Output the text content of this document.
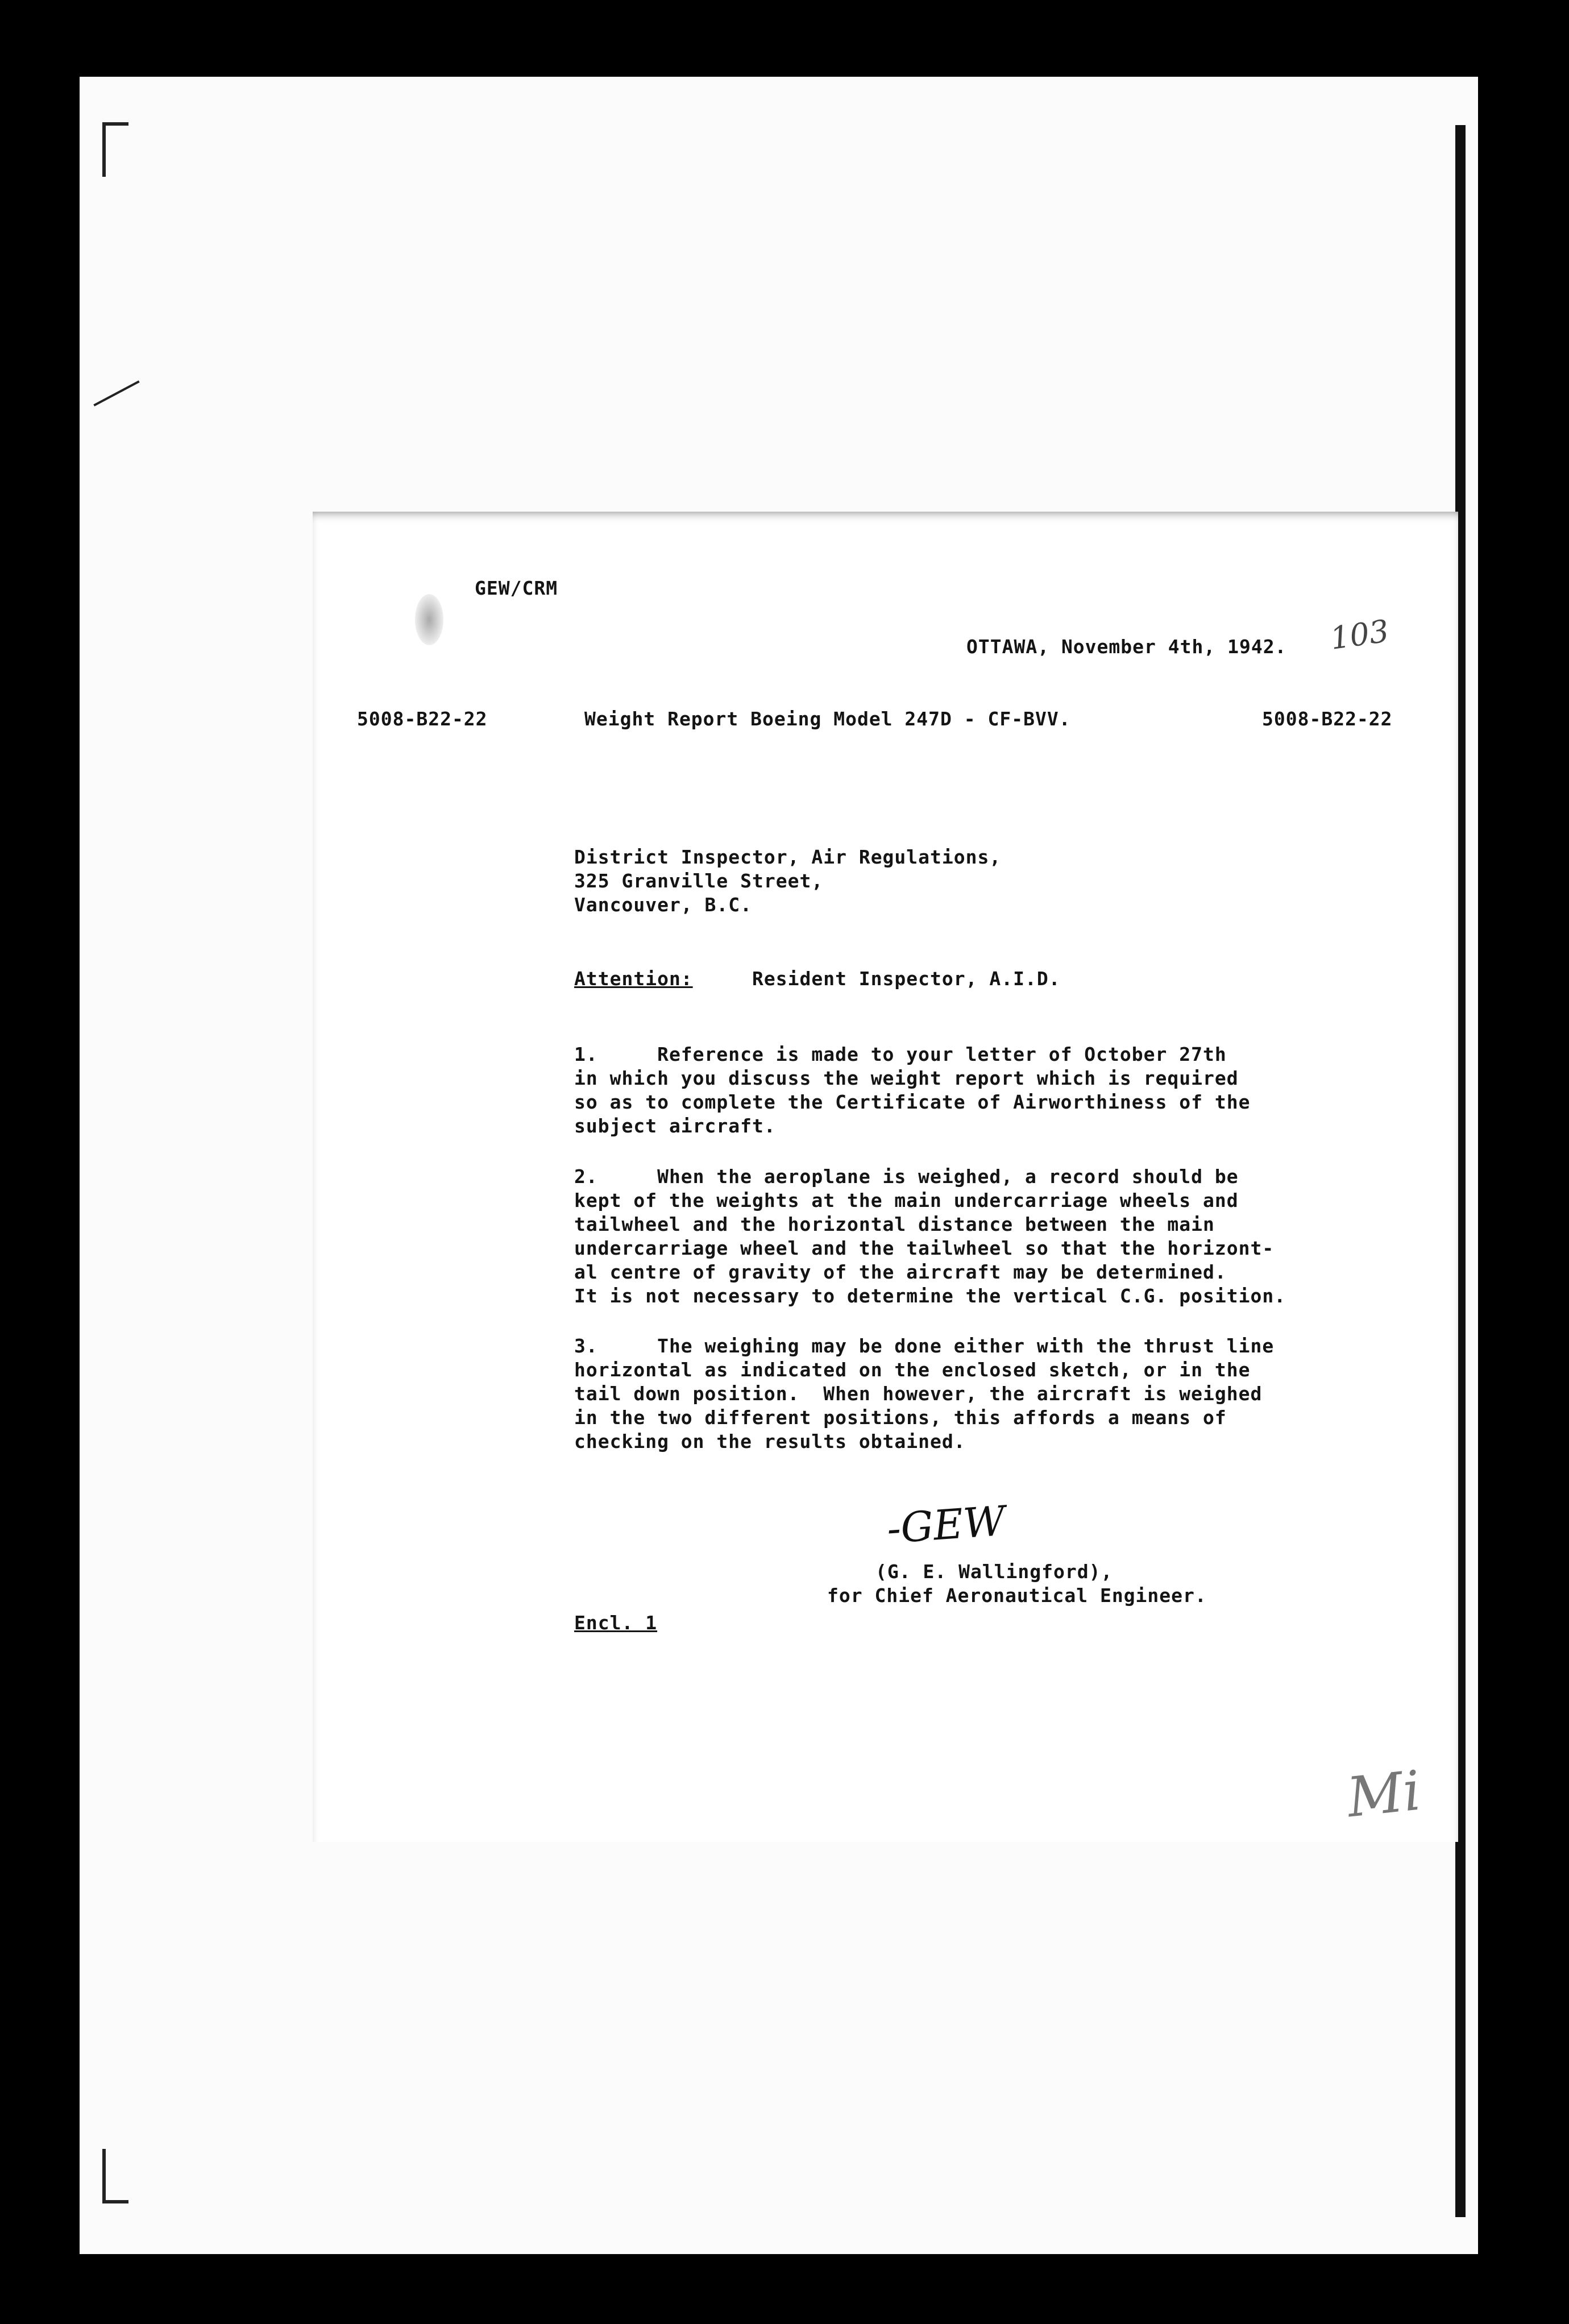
GEW/CRM
OTTAWA, November 4th, 1942. 103
5008-B22-22	Weight Report Boeing Model 247D - CF-BVV.	5008-B22-22
District Inspector, Air Regulations,
325 Granville Street,
Vancouver, B.C.
Attention:	Resident Inspector, A.I.D.
1.     Reference is made to your letter of October 27th
in which you discuss the weight report which is required
so as to complete the Certificate of Airworthiness of the
subject aircraft.
2.     When the aeroplane is weighed, a record should be
kept of the weights at the main undercarriage wheels and
tailwheel and the horizontal distance between the main
undercarriage wheel and the tailwheel so that the horizont-
al centre of gravity of the aircraft may be determined.
It is not necessary to determine the vertical C.G. position.
3.     The weighing may be done either with the thrust line
horizontal as indicated on the enclosed sketch, or in the
tail down position.  When however, the aircraft is weighed
in the two different positions, this affords a means of
checking on the results obtained.
-GEW
(G. E. Wallingford),
for Chief Aeronautical Engineer.
Encl. 1
Mi
